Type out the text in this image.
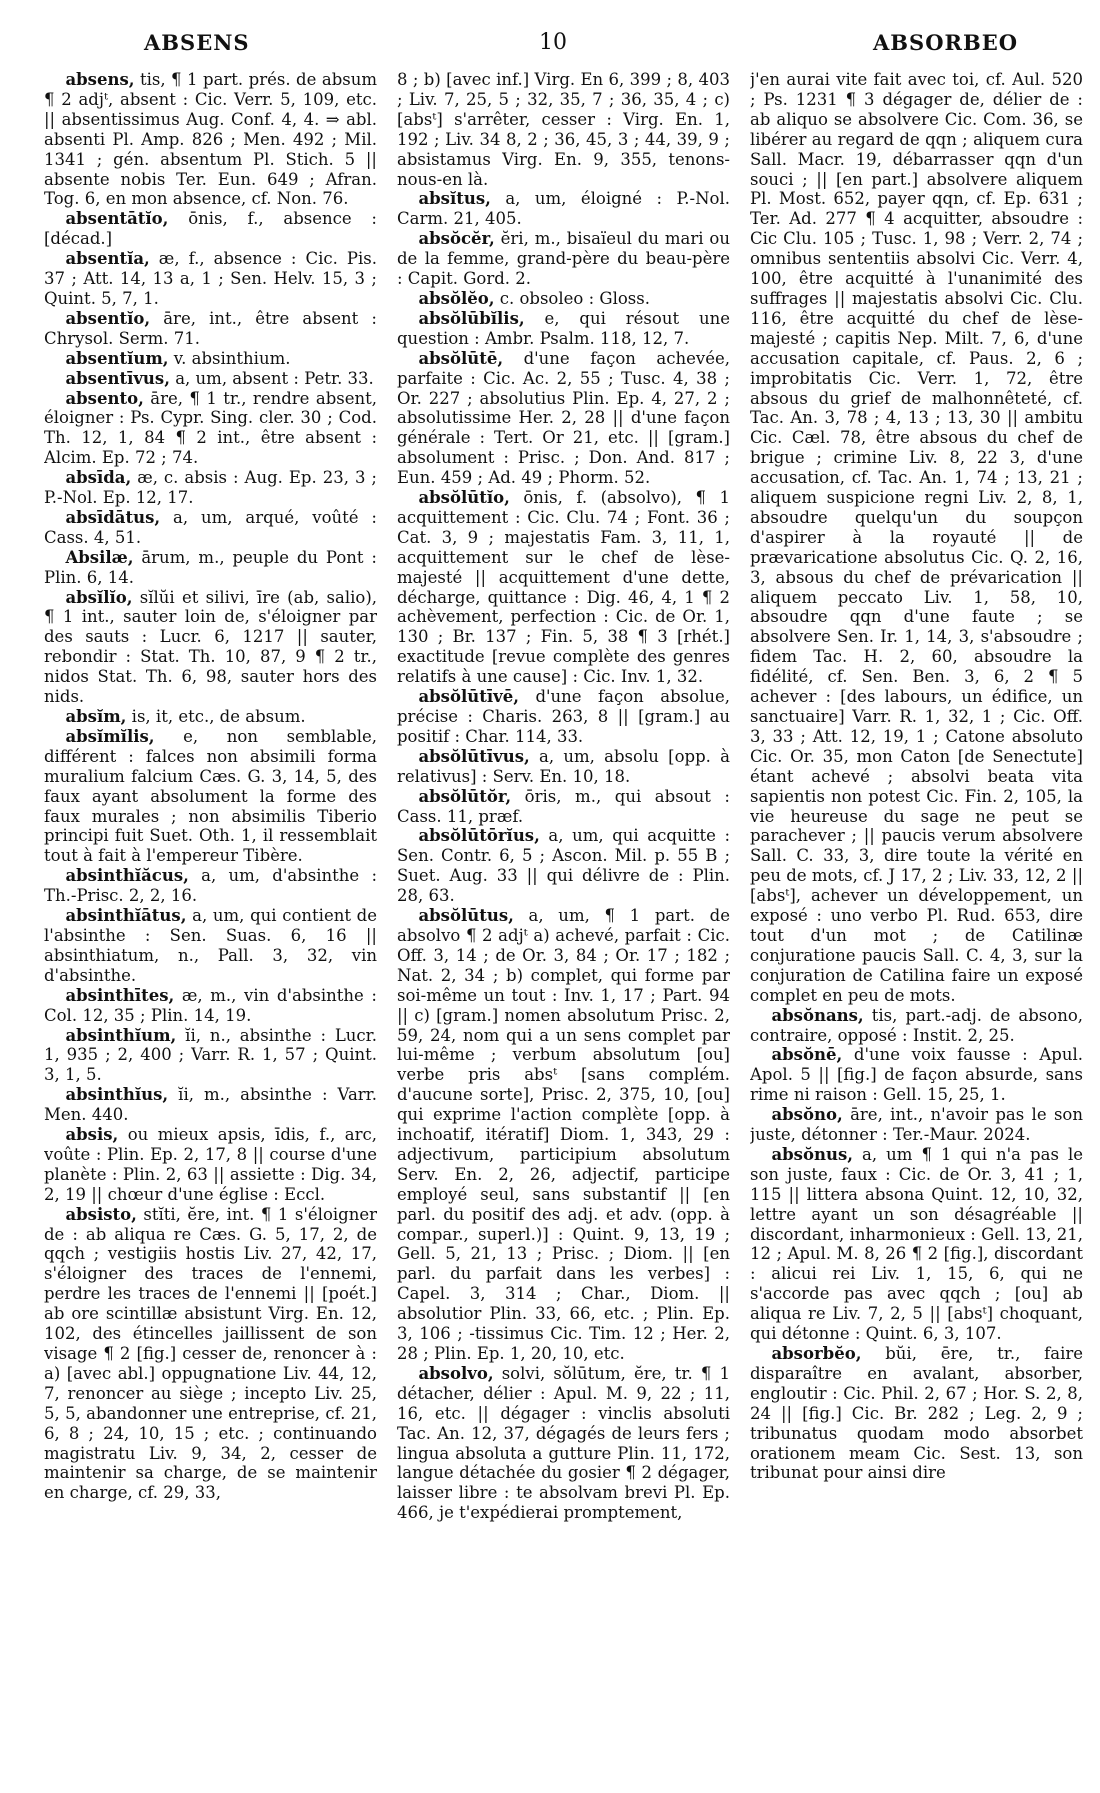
ABSENS	10	ABSORBEO

absens, tis, ¶ 1 part. prés. de absum ¶ 2 adjᵗ, absent : Cic. Verr. 5, 109, etc. || absentissimus Aug. Conf. 4, 4. ⇒ abl. absenti Pl. Amp. 826 ; Men. 492 ; Mil. 1341 ; gén. absentum Pl. Stich. 5 || absente nobis Ter. Eun. 649 ; Afran. Tog. 6, en mon absence, cf. Non. 76.

absentātĭo, ōnis, f., absence : [décad.]

absentĭa, æ, f., absence : Cic. Pis. 37 ; Att. 14, 13 a, 1 ; Sen. Helv. 15, 3 ; Quint. 5, 7, 1.

absentĭo, āre, int., être absent : Chrysol. Serm. 71.

absentĭum, v. absinthium.

absentīvus, a, um, absent : Petr. 33.

absento, āre, ¶ 1 tr., rendre absent, éloigner : Ps. Cypr. Sing. cler. 30 ; Cod. Th. 12, 1, 84 ¶ 2 int., être absent : Alcim. Ep. 72 ; 74.

absīda, æ, c. absis : Aug. Ep. 23, 3 ; P.-Nol. Ep. 12, 17.

absīdātus, a, um, arqué, voûté : Cass. 4, 51.

Absilæ, ārum, m., peuple du Pont : Plin. 6, 14.

absĭlĭo, sĭlŭi et silivi, īre (ab, salio), ¶ 1 int., sauter loin de, s'éloigner par des sauts : Lucr. 6, 1217 || sauter, rebondir : Stat. Th. 10, 87, 9 ¶ 2 tr., nidos Stat. Th. 6, 98, sauter hors des nids.

absĭm, is, it, etc., de absum.

absĭmĭlis, e, non semblable, différent : falces non absimili forma muralium falcium Cæs. G. 3, 14, 5, des faux ayant absolument la forme des faux murales ; non absimilis Tiberio principi fuit Suet. Oth. 1, il ressemblait tout à fait à l'empereur Tibère.

absinthĭăcus, a, um, d'absinthe : Th.-Prisc. 2, 2, 16.

absinthĭātus, a, um, qui contient de l'absinthe : Sen. Suas. 6, 16 || absinthiatum, n., Pall. 3, 32, vin d'absinthe.

absinthītes, æ, m., vin d'absinthe : Col. 12, 35 ; Plin. 14, 19.

absinthĭum, ĭi, n., absinthe : Lucr. 1, 935 ; 2, 400 ; Varr. R. 1, 57 ; Quint. 3, 1, 5.

absinthĭus, ĭi, m., absinthe : Varr. Men. 440.

absis, ou mieux apsis, īdis, f., arc, voûte : Plin. Ep. 2, 17, 8 || course d'une planète : Plin. 2, 63 || assiette : Dig. 34, 2, 19 || chœur d'une église : Eccl.

absisto, stĭti, ĕre, int. ¶ 1 s'éloigner de : ab aliqua re Cæs. G. 5, 17, 2, de qqch ; vestigiis hostis Liv. 27, 42, 17, s'éloigner des traces de l'ennemi, perdre les traces de l'ennemi || [poét.] ab ore scintillæ absistunt Virg. En. 12, 102, des étincelles jaillissent de son visage ¶ 2 [fig.] cesser de, renoncer à : a) [avec abl.] oppugnatione Liv. 44, 12, 7, renoncer au siège ; incepto Liv. 25, 5, 5, abandonner une entreprise, cf. 21, 6, 8 ; 24, 10, 15 ; etc. ; continuando magistratu Liv. 9, 34, 2, cesser de maintenir sa charge, de se maintenir en charge, cf. 29, 33,

8 ; b) [avec inf.] Virg. En 6, 399 ; 8, 403 ; Liv. 7, 25, 5 ; 32, 35, 7 ; 36, 35, 4 ; c) [absᵗ] s'arrêter, cesser : Virg. En. 1, 192 ; Liv. 34 8, 2 ; 36, 45, 3 ; 44, 39, 9 ; absistamus Virg. En. 9, 355, tenons-nous-en là.

absĭtus, a, um, éloigné : P.-Nol. Carm. 21, 405.

absŏcĕr, ĕri, m., bisaïeul du mari ou de la femme, grand-père du beau-père : Capit. Gord. 2.

absŏlĕo, c. obsoleo : Gloss.

absŏlūbĭlis, e, qui résout une question : Ambr. Psalm. 118, 12, 7.

absŏlūtē, d'une façon achevée, parfaite : Cic. Ac. 2, 55 ; Tusc. 4, 38 ; Or. 227 ; absolutius Plin. Ep. 4, 27, 2 ; absolutissime Her. 2, 28 || d'une façon générale : Tert. Or 21, etc. || [gram.] absolument : Prisc. ; Don. And. 817 ; Eun. 459 ; Ad. 49 ; Phorm. 52.

absŏlūtĭo, ōnis, f. (absolvo), ¶ 1 acquittement : Cic. Clu. 74 ; Font. 36 ; Cat. 3, 9 ; majestatis Fam. 3, 11, 1, acquittement sur le chef de lèse-majesté || acquittement d'une dette, décharge, quittance : Dig. 46, 4, 1 ¶ 2 achèvement, perfection : Cic. de Or. 1, 130 ; Br. 137 ; Fin. 5, 38 ¶ 3 [rhét.] exactitude [revue complète des genres relatifs à une cause] : Cic. Inv. 1, 32.

absŏlūtīvē, d'une façon absolue, précise : Charis. 263, 8 || [gram.] au positif : Char. 114, 33.

absŏlūtīvus, a, um, absolu [opp. à relativus] : Serv. En. 10, 18.

absŏlūtŏr, ōris, m., qui absout : Cass. 11, præf.

absŏlūtōrĭus, a, um, qui acquitte : Sen. Contr. 6, 5 ; Ascon. Mil. p. 55 B ; Suet. Aug. 33 || qui délivre de : Plin. 28, 63.

absŏlūtus, a, um, ¶ 1 part. de absolvo ¶ 2 adjᵗ a) achevé, parfait : Cic. Off. 3, 14 ; de Or. 3, 84 ; Or. 17 ; 182 ; Nat. 2, 34 ; b) complet, qui forme par soi-même un tout : Inv. 1, 17 ; Part. 94 || c) [gram.] nomen absolutum Prisc. 2, 59, 24, nom qui a un sens complet par lui-même ; verbum absolutum [ou] verbe pris absᵗ [sans complém. d'aucune sorte], Prisc. 2, 375, 10, [ou] qui exprime l'action complète [opp. à inchoatif, itératif] Diom. 1, 343, 29 : adjectivum, participium absolutum Serv. En. 2, 26, adjectif, participe employé seul, sans substantif || [en parl. du positif des adj. et adv. (opp. à compar., superl.)] : Quint. 9, 13, 19 ; Gell. 5, 21, 13 ; Prisc. ; Diom. || [en parl. du parfait dans les verbes] : Capel. 3, 314 ; Char., Diom. || absolutior Plin. 33, 66, etc. ; Plin. Ep. 3, 106 ; -tissimus Cic. Tim. 12 ; Her. 2, 28 ; Plin. Ep. 1, 20, 10, etc.

absolvo, solvi, sŏlūtum, ĕre, tr. ¶ 1 détacher, délier : Apul. M. 9, 22 ; 11, 16, etc. || dégager : vinclis absoluti Tac. An. 12, 37, dégagés de leurs fers ; lingua absoluta a gutture Plin. 11, 172, langue détachée du gosier ¶ 2 dégager, laisser libre : te absolvam brevi Pl. Ep. 466, je t'expédierai promptement,

j'en aurai vite fait avec toi, cf. Aul. 520 ; Ps. 1231 ¶ 3 dégager de, délier de : ab aliquo se absolvere Cic. Com. 36, se libérer au regard de qqn ; aliquem cura Sall. Macr. 19, débarrasser qqn d'un souci ; || [en part.] absolvere aliquem Pl. Most. 652, payer qqn, cf. Ep. 631 ; Ter. Ad. 277 ¶ 4 acquitter, absoudre : Cic Clu. 105 ; Tusc. 1, 98 ; Verr. 2, 74 ; omnibus sententiis absolvi Cic. Verr. 4, 100, être acquitté à l'unanimité des suffrages || majestatis absolvi Cic. Clu. 116, être acquitté du chef de lèse-majesté ; capitis Nep. Milt. 7, 6, d'une accusation capitale, cf. Paus. 2, 6 ; improbitatis Cic. Verr. 1, 72, être absous du grief de malhonnêteté, cf. Tac. An. 3, 78 ; 4, 13 ; 13, 30 || ambitu Cic. Cæl. 78, être absous du chef de brigue ; crimine Liv. 8, 22 3, d'une accusation, cf. Tac. An. 1, 74 ; 13, 21 ; aliquem suspicione regni Liv. 2, 8, 1, absoudre quelqu'un du soupçon d'aspirer à la royauté || de prævaricatione absolutus Cic. Q. 2, 16, 3, absous du chef de prévarication || aliquem peccato Liv. 1, 58, 10, absoudre qqn d'une faute ; se absolvere Sen. Ir. 1, 14, 3, s'absoudre ; fidem Tac. H. 2, 60, absoudre la fidélité, cf. Sen. Ben. 3, 6, 2 ¶ 5 achever : [des labours, un édifice, un sanctuaire] Varr. R. 1, 32, 1 ; Cic. Off. 3, 33 ; Att. 12, 19, 1 ; Catone absoluto Cic. Or. 35, mon Caton [de Senectute] étant achevé ; absolvi beata vita sapientis non potest Cic. Fin. 2, 105, la vie heureuse du sage ne peut se parachever ; || paucis verum absolvere Sall. C. 33, 3, dire toute la vérité en peu de mots, cf. J 17, 2 ; Liv. 33, 12, 2 || [absᵗ], achever un développement, un exposé : uno verbo Pl. Rud. 653, dire tout d'un mot ; de Catilinæ conjuratione paucis Sall. C. 4, 3, sur la conjuration de Catilina faire un exposé complet en peu de mots.

absŏnans, tis, part.-adj. de absono, contraire, opposé : Instit. 2, 25.

absŏnē, d'une voix fausse : Apul. Apol. 5 || [fig.] de façon absurde, sans rime ni raison : Gell. 15, 25, 1.

absŏno, āre, int., n'avoir pas le son juste, détonner : Ter.-Maur. 2024.

absŏnus, a, um ¶ 1 qui n'a pas le son juste, faux : Cic. de Or. 3, 41 ; 1, 115 || littera absona Quint. 12, 10, 32, lettre ayant un son désagréable || discordant, inharmonieux : Gell. 13, 21, 12 ; Apul. M. 8, 26 ¶ 2 [fig.], discordant : alicui rei Liv. 1, 15, 6, qui ne s'accorde pas avec qqch ; [ou] ab aliqua re Liv. 7, 2, 5 || [absᵗ] choquant, qui détonne : Quint. 6, 3, 107.

absorbĕo, bŭi, ēre, tr., faire disparaître en avalant, absorber, engloutir : Cic. Phil. 2, 67 ; Hor. S. 2, 8, 24 || [fig.] Cic. Br. 282 ; Leg. 2, 9 ; tribunatus quodam modo absorbet orationem meam Cic. Sest. 13, son tribunat pour ainsi dire
